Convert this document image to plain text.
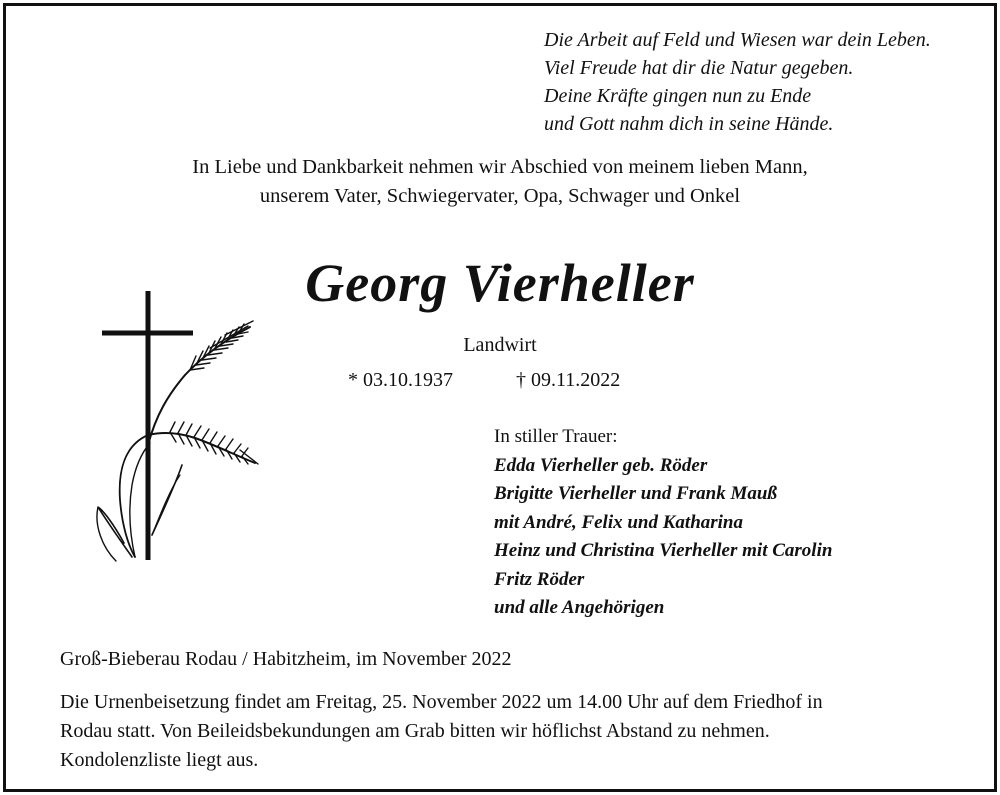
Die Arbeit auf Feld und Wiesen war dein Leben.
Viel Freude hat dir die Natur gegeben.
Deine Kräfte gingen nun zu Ende
und Gott nahm dich in seine Hände.
In Liebe und Dankbarkeit nehmen wir Abschied von meinem lieben Mann,
unserem Vater, Schwiegervater, Opa, Schwager und Onkel
Georg Vierheller
Landwirt
* 03.10.1937	† 09.11.2022
In stiller Trauer:
Edda Vierheller geb. Röder
Brigitte Vierheller und Frank Mauß
mit André, Felix und Katharina
Heinz und Christina Vierheller mit Carolin
Fritz Röder
und alle Angehörigen
Groß-Bieberau Rodau / Habitzheim, im November 2022
Die Urnenbeisetzung findet am Freitag, 25. November 2022 um 14.00 Uhr auf dem Friedhof in
Rodau statt. Von Beileidsbekundungen am Grab bitten wir höflichst Abstand zu nehmen.
Kondolenzliste liegt aus.
